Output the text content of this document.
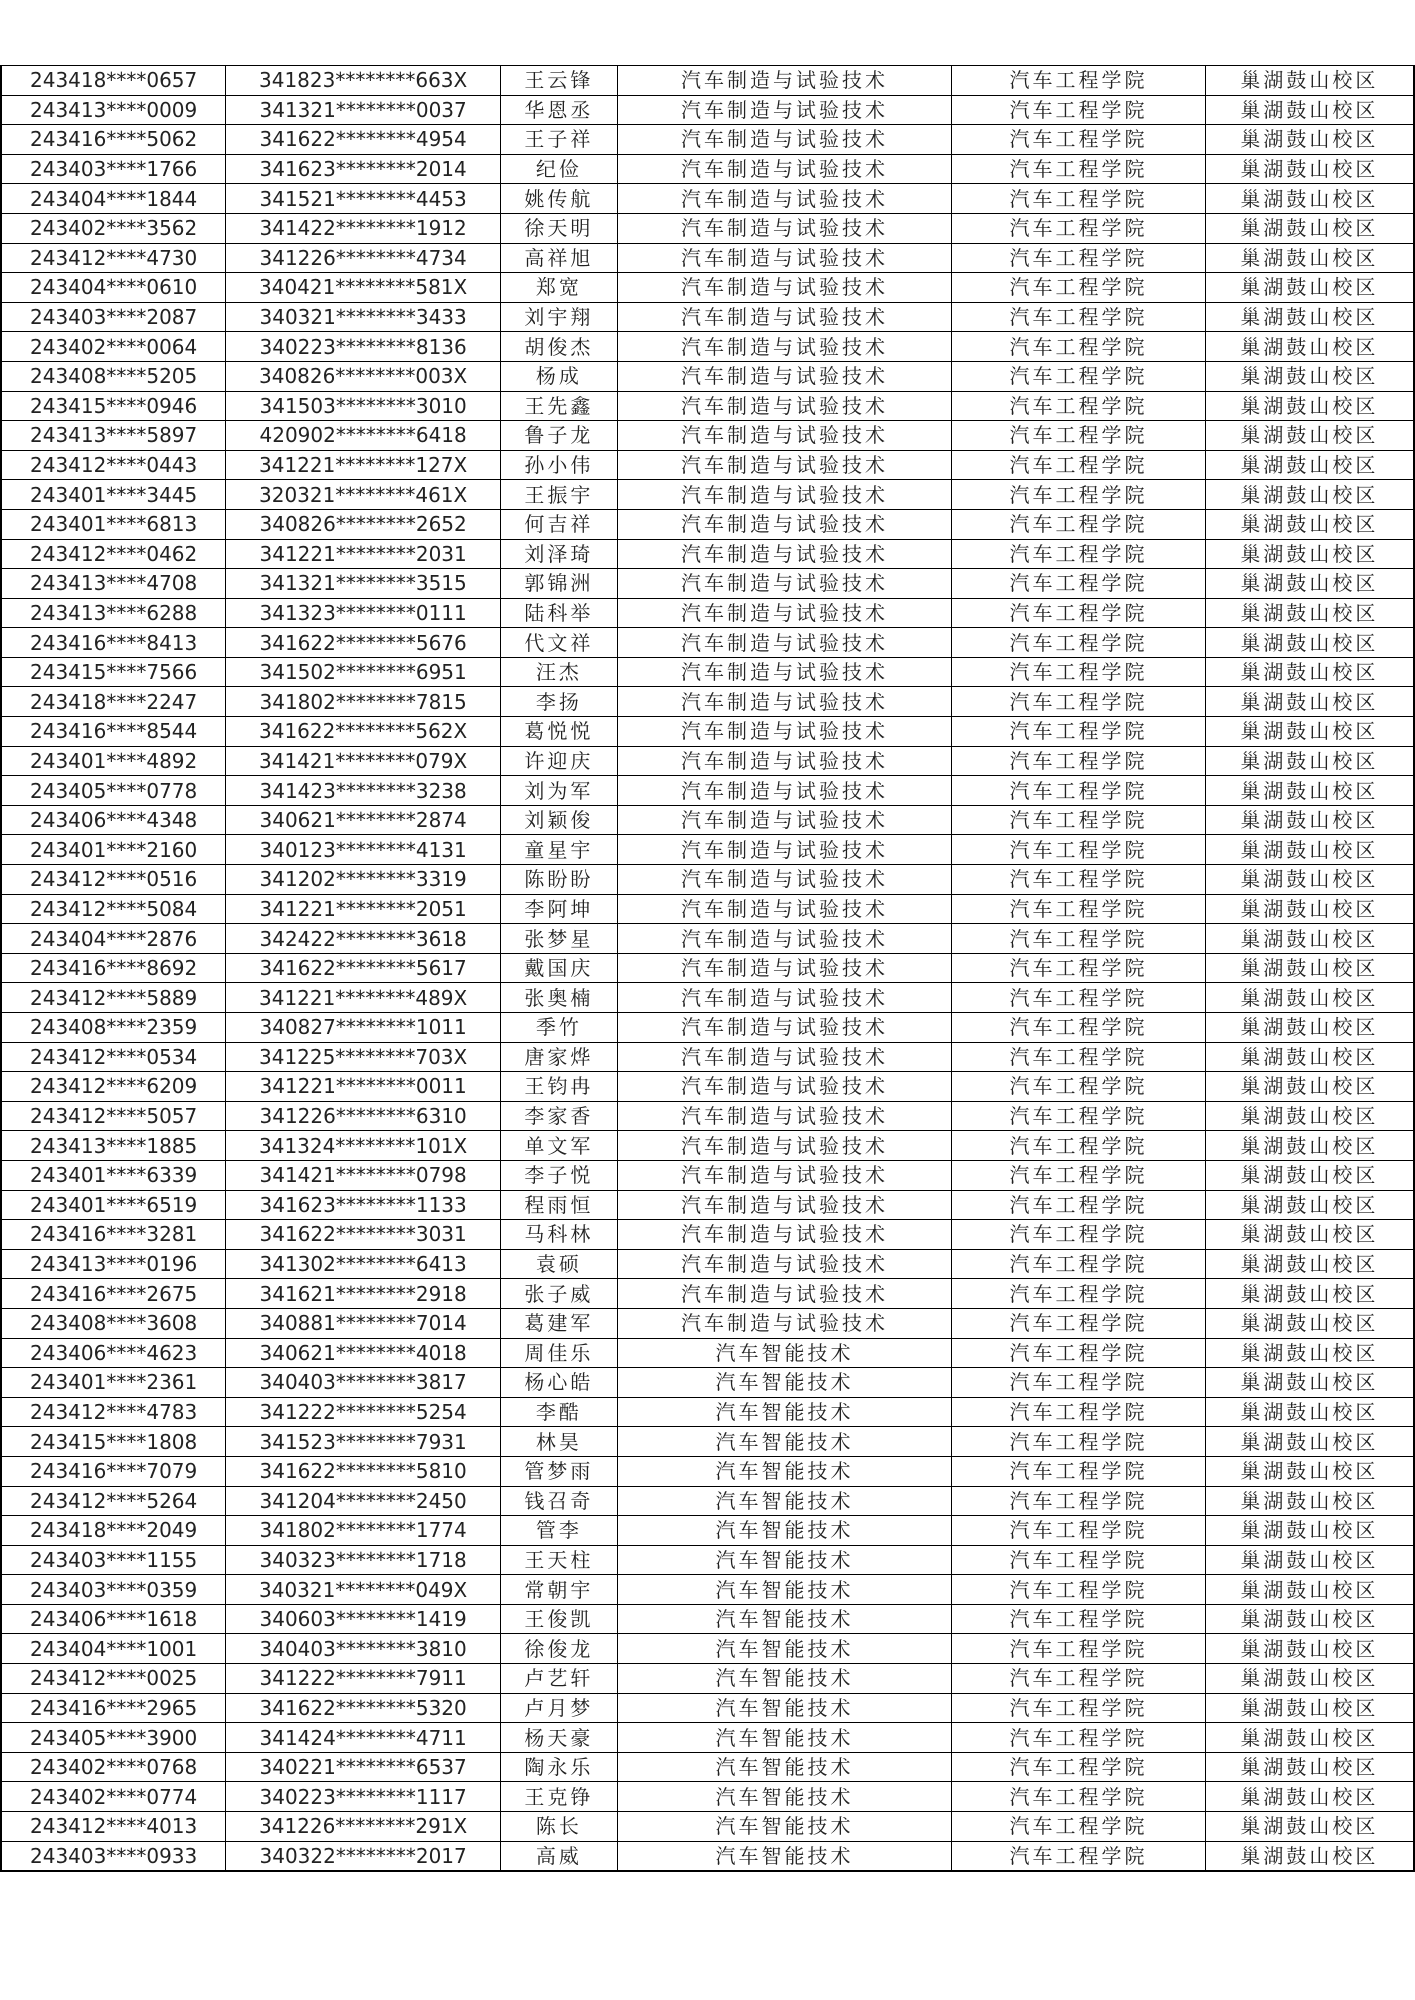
243418****0657	341823********663X	王云锋	汽车制造与试验技术	汽车工程学院	巢湖鼓山校区
243413****0009	341321********0037	华恩丞	汽车制造与试验技术	汽车工程学院	巢湖鼓山校区
243416****5062	341622********4954	王子祥	汽车制造与试验技术	汽车工程学院	巢湖鼓山校区
243403****1766	341623********2014	纪俭	汽车制造与试验技术	汽车工程学院	巢湖鼓山校区
243404****1844	341521********4453	姚传航	汽车制造与试验技术	汽车工程学院	巢湖鼓山校区
243402****3562	341422********1912	徐天明	汽车制造与试验技术	汽车工程学院	巢湖鼓山校区
243412****4730	341226********4734	高祥旭	汽车制造与试验技术	汽车工程学院	巢湖鼓山校区
243404****0610	340421********581X	郑宽	汽车制造与试验技术	汽车工程学院	巢湖鼓山校区
243403****2087	340321********3433	刘宇翔	汽车制造与试验技术	汽车工程学院	巢湖鼓山校区
243402****0064	340223********8136	胡俊杰	汽车制造与试验技术	汽车工程学院	巢湖鼓山校区
243408****5205	340826********003X	杨成	汽车制造与试验技术	汽车工程学院	巢湖鼓山校区
243415****0946	341503********3010	王先鑫	汽车制造与试验技术	汽车工程学院	巢湖鼓山校区
243413****5897	420902********6418	鲁子龙	汽车制造与试验技术	汽车工程学院	巢湖鼓山校区
243412****0443	341221********127X	孙小伟	汽车制造与试验技术	汽车工程学院	巢湖鼓山校区
243401****3445	320321********461X	王振宇	汽车制造与试验技术	汽车工程学院	巢湖鼓山校区
243401****6813	340826********2652	何吉祥	汽车制造与试验技术	汽车工程学院	巢湖鼓山校区
243412****0462	341221********2031	刘泽琦	汽车制造与试验技术	汽车工程学院	巢湖鼓山校区
243413****4708	341321********3515	郭锦洲	汽车制造与试验技术	汽车工程学院	巢湖鼓山校区
243413****6288	341323********0111	陆科举	汽车制造与试验技术	汽车工程学院	巢湖鼓山校区
243416****8413	341622********5676	代文祥	汽车制造与试验技术	汽车工程学院	巢湖鼓山校区
243415****7566	341502********6951	汪杰	汽车制造与试验技术	汽车工程学院	巢湖鼓山校区
243418****2247	341802********7815	李扬	汽车制造与试验技术	汽车工程学院	巢湖鼓山校区
243416****8544	341622********562X	葛悦悦	汽车制造与试验技术	汽车工程学院	巢湖鼓山校区
243401****4892	341421********079X	许迎庆	汽车制造与试验技术	汽车工程学院	巢湖鼓山校区
243405****0778	341423********3238	刘为军	汽车制造与试验技术	汽车工程学院	巢湖鼓山校区
243406****4348	340621********2874	刘颖俊	汽车制造与试验技术	汽车工程学院	巢湖鼓山校区
243401****2160	340123********4131	童星宇	汽车制造与试验技术	汽车工程学院	巢湖鼓山校区
243412****0516	341202********3319	陈盼盼	汽车制造与试验技术	汽车工程学院	巢湖鼓山校区
243412****5084	341221********2051	李阿坤	汽车制造与试验技术	汽车工程学院	巢湖鼓山校区
243404****2876	342422********3618	张梦星	汽车制造与试验技术	汽车工程学院	巢湖鼓山校区
243416****8692	341622********5617	戴国庆	汽车制造与试验技术	汽车工程学院	巢湖鼓山校区
243412****5889	341221********489X	张奥楠	汽车制造与试验技术	汽车工程学院	巢湖鼓山校区
243408****2359	340827********1011	季竹	汽车制造与试验技术	汽车工程学院	巢湖鼓山校区
243412****0534	341225********703X	唐家烨	汽车制造与试验技术	汽车工程学院	巢湖鼓山校区
243412****6209	341221********0011	王钧冉	汽车制造与试验技术	汽车工程学院	巢湖鼓山校区
243412****5057	341226********6310	李家香	汽车制造与试验技术	汽车工程学院	巢湖鼓山校区
243413****1885	341324********101X	单文军	汽车制造与试验技术	汽车工程学院	巢湖鼓山校区
243401****6339	341421********0798	李子悦	汽车制造与试验技术	汽车工程学院	巢湖鼓山校区
243401****6519	341623********1133	程雨恒	汽车制造与试验技术	汽车工程学院	巢湖鼓山校区
243416****3281	341622********3031	马科林	汽车制造与试验技术	汽车工程学院	巢湖鼓山校区
243413****0196	341302********6413	袁硕	汽车制造与试验技术	汽车工程学院	巢湖鼓山校区
243416****2675	341621********2918	张子威	汽车制造与试验技术	汽车工程学院	巢湖鼓山校区
243408****3608	340881********7014	葛建军	汽车制造与试验技术	汽车工程学院	巢湖鼓山校区
243406****4623	340621********4018	周佳乐	汽车智能技术	汽车工程学院	巢湖鼓山校区
243401****2361	340403********3817	杨心皓	汽车智能技术	汽车工程学院	巢湖鼓山校区
243412****4783	341222********5254	李酷	汽车智能技术	汽车工程学院	巢湖鼓山校区
243415****1808	341523********7931	林昊	汽车智能技术	汽车工程学院	巢湖鼓山校区
243416****7079	341622********5810	管梦雨	汽车智能技术	汽车工程学院	巢湖鼓山校区
243412****5264	341204********2450	钱召奇	汽车智能技术	汽车工程学院	巢湖鼓山校区
243418****2049	341802********1774	管李	汽车智能技术	汽车工程学院	巢湖鼓山校区
243403****1155	340323********1718	王天柱	汽车智能技术	汽车工程学院	巢湖鼓山校区
243403****0359	340321********049X	常朝宇	汽车智能技术	汽车工程学院	巢湖鼓山校区
243406****1618	340603********1419	王俊凯	汽车智能技术	汽车工程学院	巢湖鼓山校区
243404****1001	340403********3810	徐俊龙	汽车智能技术	汽车工程学院	巢湖鼓山校区
243412****0025	341222********7911	卢艺轩	汽车智能技术	汽车工程学院	巢湖鼓山校区
243416****2965	341622********5320	卢月梦	汽车智能技术	汽车工程学院	巢湖鼓山校区
243405****3900	341424********4711	杨天豪	汽车智能技术	汽车工程学院	巢湖鼓山校区
243402****0768	340221********6537	陶永乐	汽车智能技术	汽车工程学院	巢湖鼓山校区
243402****0774	340223********1117	王克铮	汽车智能技术	汽车工程学院	巢湖鼓山校区
243412****4013	341226********291X	陈长	汽车智能技术	汽车工程学院	巢湖鼓山校区
243403****0933	340322********2017	高威	汽车智能技术	汽车工程学院	巢湖鼓山校区
